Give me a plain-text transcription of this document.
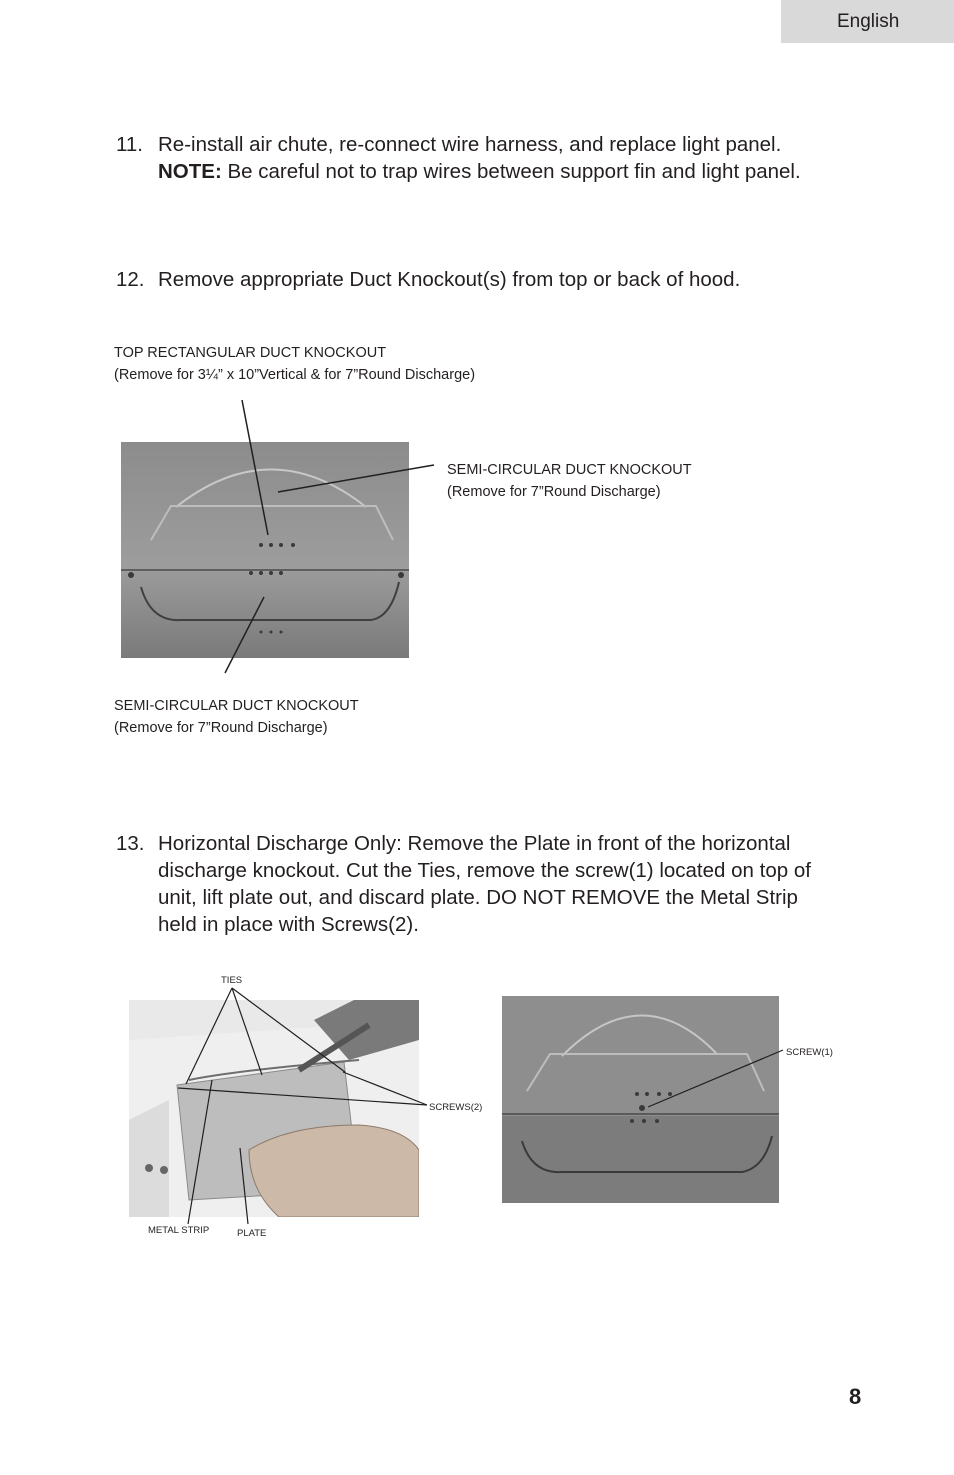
English
11. Re-install air chute, re-connect wire harness, and replace light panel.
NOTE: Be careful not to trap wires between support fin and light panel.
12. Remove appropriate Duct Knockout(s) from top or back of hood.
TOP RECTANGULAR DUCT KNOCKOUT
(Remove for 3¼” x 10”Vertical & for 7”Round Discharge)
SEMI-CIRCULAR DUCT KNOCKOUT
(Remove for 7”Round Discharge)
SEMI-CIRCULAR DUCT KNOCKOUT
(Remove for 7”Round Discharge)
13. Horizontal Discharge Only: Remove the Plate in front of the horizontal
discharge knockout. Cut the Ties, remove the screw(1) located on top of
unit, lift plate out, and discard plate. DO NOT REMOVE the Metal Strip
held in place with Screws(2).
TIES
SCREWS(2)
METAL STRIP	PLATE
SCREW(1)
8
